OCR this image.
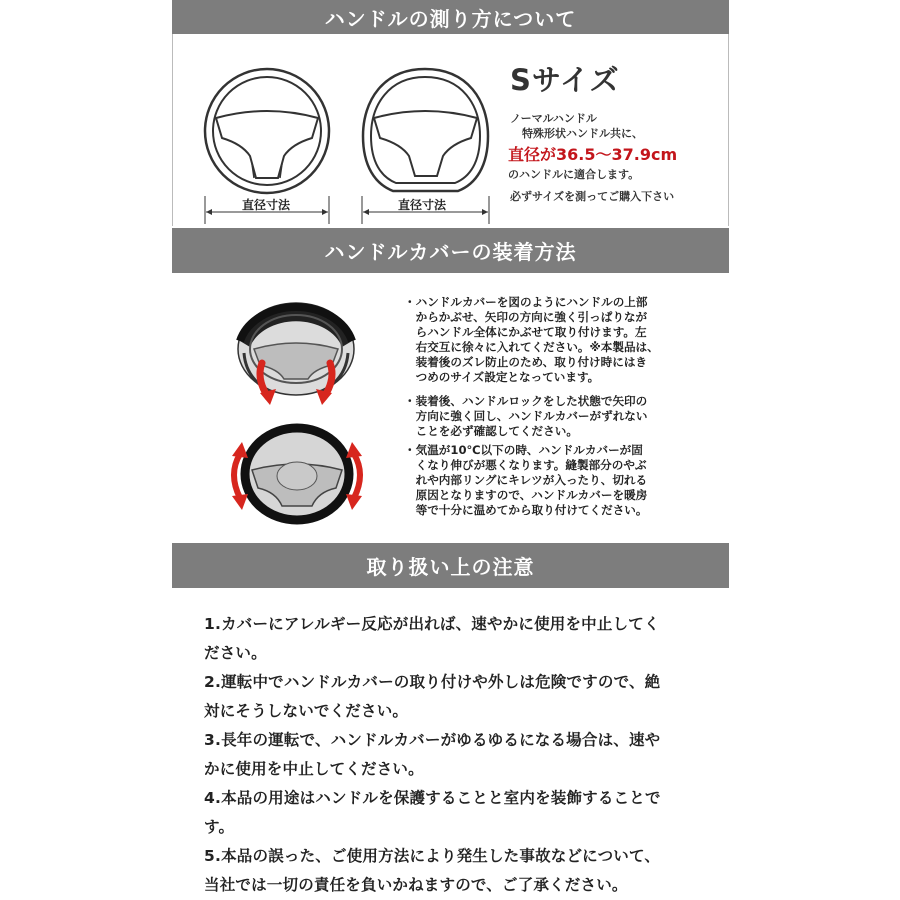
ハンドルの測り方について
直径寸法	直径寸法
Sサイズ
ノーマルハンドル
特殊形状ハンドル共に、
直径が36.5〜37.9cm
のハンドルに適合します。
必ずサイズを測ってご購入下さい
ハンドルカバーの装着方法
・ハンドルカバーを図のようにハンドルの上部
　からかぶせ、矢印の方向に強く引っぱりなが
　らハンドル全体にかぶせて取り付けます。左
　右交互に徐々に入れてください。※本製品は、
　装着後のズレ防止のため、取り付け時にはき
　つめのサイズ設定となっています。
・装着後、ハンドルロックをした状態で矢印の
　方向に強く回し、ハンドルカバーがずれない
　ことを必ず確認してください。
・気温が10℃以下の時、ハンドルカバーが固
　くなり伸びが悪くなります。縫製部分のやぶ
　れや内部リングにキレツが入ったり、切れる
　原因となりますので、ハンドルカバーを暖房
　等で十分に温めてから取り付けてください。
取り扱い上の注意
1.カバーにアレルギー反応が出れば、速やかに使用を中止してく
ださい。
2.運転中でハンドルカバーの取り付けや外しは危険ですので、絶
対にそうしないでください。
3.長年の運転で、ハンドルカバーがゆるゆるになる場合は、速や
かに使用を中止してください。
4.本品の用途はハンドルを保護することと室内を装飾することで
す。
5.本品の誤った、ご使用方法により発生した事故などについて、
当社では一切の責任を負いかねますので、ご了承ください。
